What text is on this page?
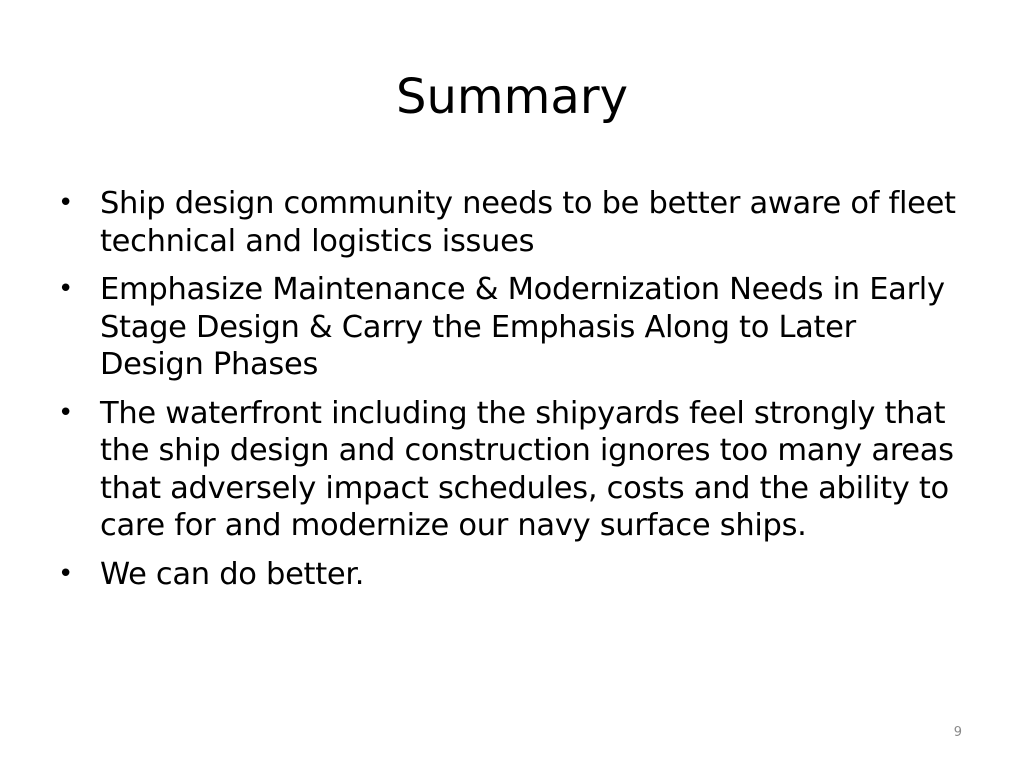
Summary
• Ship design community needs to be better aware of fleet technical and logistics issues
• Emphasize Maintenance & Modernization Needs in Early Stage Design & Carry the Emphasis Along to Later Design Phases
• The waterfront including the shipyards feel strongly that the ship design and construction ignores too many areas that adversely impact schedules, costs and the ability to care for and modernize our navy surface ships.
• We can do better.
9
